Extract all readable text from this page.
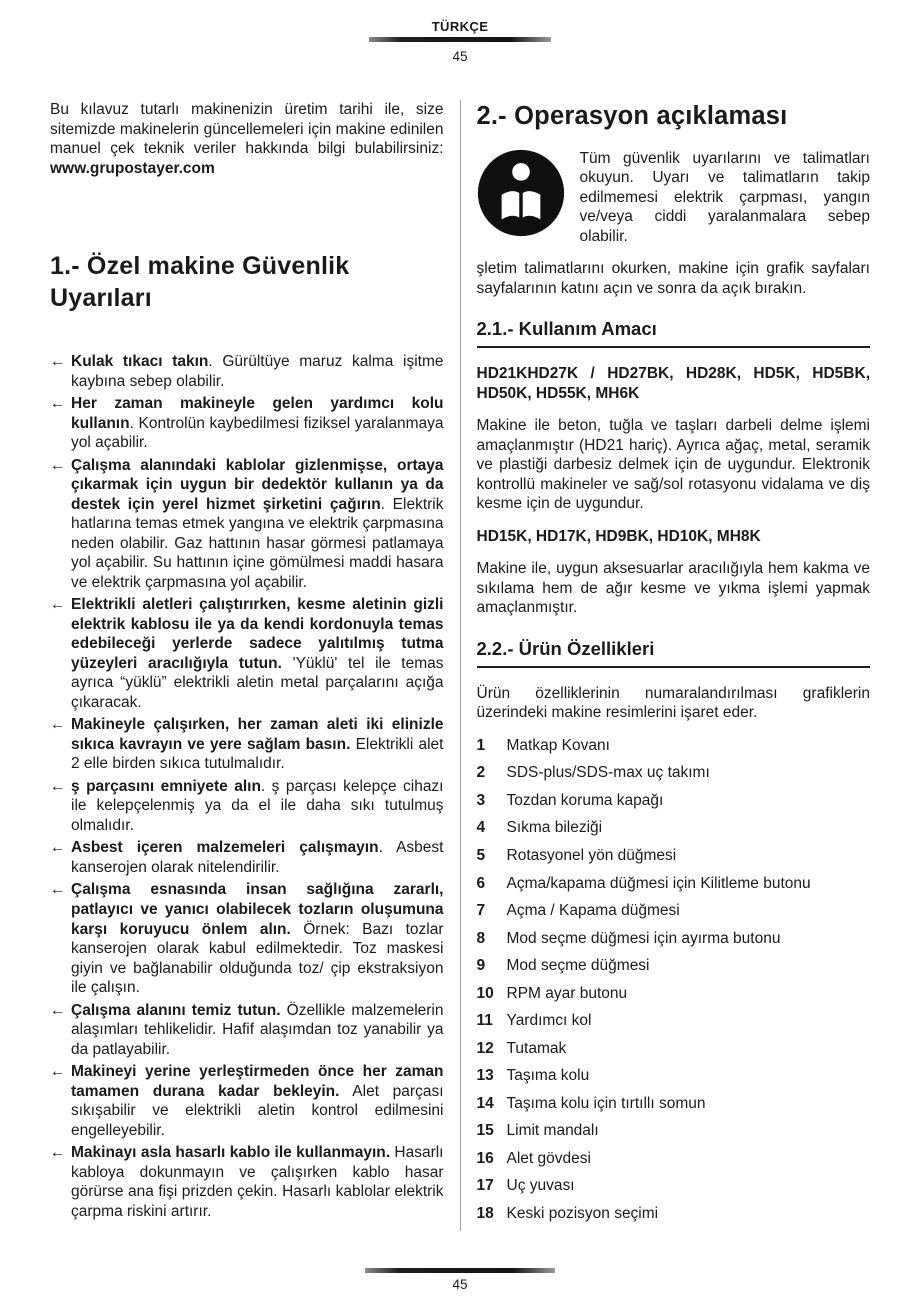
TÜRKÇE
45

Bu kılavuz tutarlı makinenizin üretim tarihi ile, size sitemizde makinelerin güncellemeleri için makine edinilen manuel çek teknik veriler hakkında bilgi bulabilirsiniz: www.grupostayer.com

1.- Özel makine Güvenlik Uyarıları
← Kulak tıkacı takın. Gürültüye maruz kalma işitme kaybına sebep olabilir.
← Her zaman makineyle gelen yardımcı kolu kullanın. Kontrolün kaybedilmesi fiziksel yaralanmaya yol açabilir.
← Çalışma alanındaki kablolar gizlenmişse, ortaya çıkarmak için uygun bir dedektör kullanın ya da destek için yerel hizmet şirketini çağırın. Elektrik hatlarına temas etmek yangına ve elektrik çarpmasına neden olabilir. Gaz hattının hasar görmesi patlamaya yol açabilir. Su hattının içine gömülmesi maddi hasara ve elektrik çarpmasına yol açabilir.
← Elektrikli aletleri çalıştırırken, kesme aletinin gizli elektrik kablosu ile ya da kendi kordonuyla temas edebileceği yerlerde sadece yalıtılmış tutma yüzeyleri aracılığıyla tutun. 'Yüklü' tel ile temas ayrıca “yüklü” elektrikli aletin metal parçalarını açığa çıkaracak.
← Makineyle çalışırken, her zaman aleti iki elinizle sıkıca kavrayın ve yere sağlam basın. Elektrikli alet 2 elle birden sıkıca tutulmalıdır.
← ş parçasını emniyete alın. ş parçası kelepçe cihazı ile kelepçelenmiş ya da el ile daha sıkı tutulmuş olmalıdır.
← Asbest içeren malzemeleri çalışmayın. Asbest kanserojen olarak nitelendirilir.
← Çalışma esnasında insan sağlığına zararlı, patlayıcı ve yanıcı olabilecek tozların oluşumuna karşı koruyucu önlem alın. Örnek: Bazı tozlar kanserojen olarak kabul edilmektedir. Toz maskesi giyin ve bağlanabilir olduğunda toz/ çip ekstraksiyon ile çalışın.
← Çalışma alanını temiz tutun. Özellikle malzemelerin alaşımları tehlikelidir. Hafif alaşımdan toz yanabilir ya da patlayabilir.
← Makineyi yerine yerleştirmeden önce her zaman tamamen durana kadar bekleyin. Alet parçası sıkışabilir ve elektrikli aletin kontrol edilmesini engelleyebilir.
← Makinayı asla hasarlı kablo ile kullanmayın. Hasarlı kabloya dokunmayın ve çalışırken kablo hasar görürse ana fişi prizden çekin. Hasarlı kablolar elektrik çarpma riskini artırır.
2.- Operasyon açıklaması

Tüm güvenlik uyarılarını ve talimatları okuyun. Uyarı ve talimatların takip edilmemesi elektrik çarpması, yangın ve/veya ciddi yaralanmalara sebep olabilir.

şletim talimatlarını okurken, makine için grafik sayfaları sayfalarının katını açın ve sonra da açık bırakın.

2.1.- Kullanım Amacı

HD21KHD27K / HD27BK, HD28K, HD5K, HD5BK, HD50K, HD55K, MH6K

Makine ile beton, tuğla ve taşları darbeli delme işlemi amaçlanmıştır (HD21 hariç). Ayrıca ağaç, metal, seramik ve plastiği darbesiz delmek için de uygundur. Elektronik kontrollü makineler ve sağ/sol rotasyonu vidalama ve diş kesme için de uygundur.

HD15K, HD17K, HD9BK, HD10K, MH8K

Makine ile, uygun aksesuarlar aracılığıyla hem kakma ve sıkılama hem de ağır kesme ve yıkma işlemi yapmak amaçlanmıştır.

2.2.- Ürün Özellikleri

Ürün özelliklerinin numaralandırılması grafiklerin üzerindeki makine resimlerini işaret eder.

1	Matkap Kovanı
2	SDS-plus/SDS-max uç takımı
3	Tozdan koruma kapağı
4	Sıkma bileziği
5	Rotasyonel yön düğmesi
6	Açma/kapama düğmesi için Kilitleme butonu
7	Açma / Kapama düğmesi
8	Mod seçme düğmesi için ayırma butonu
9	Mod seçme düğmesi
10 RPM ayar butonu
11 Yardımcı kol
12 Tutamak
13 Taşıma kolu
14 Taşıma kolu için tırtıllı somun
15 Limit mandalı
16 Alet gövdesi
17 Uç yuvası
18 Keski pozisyon seçimi
45
